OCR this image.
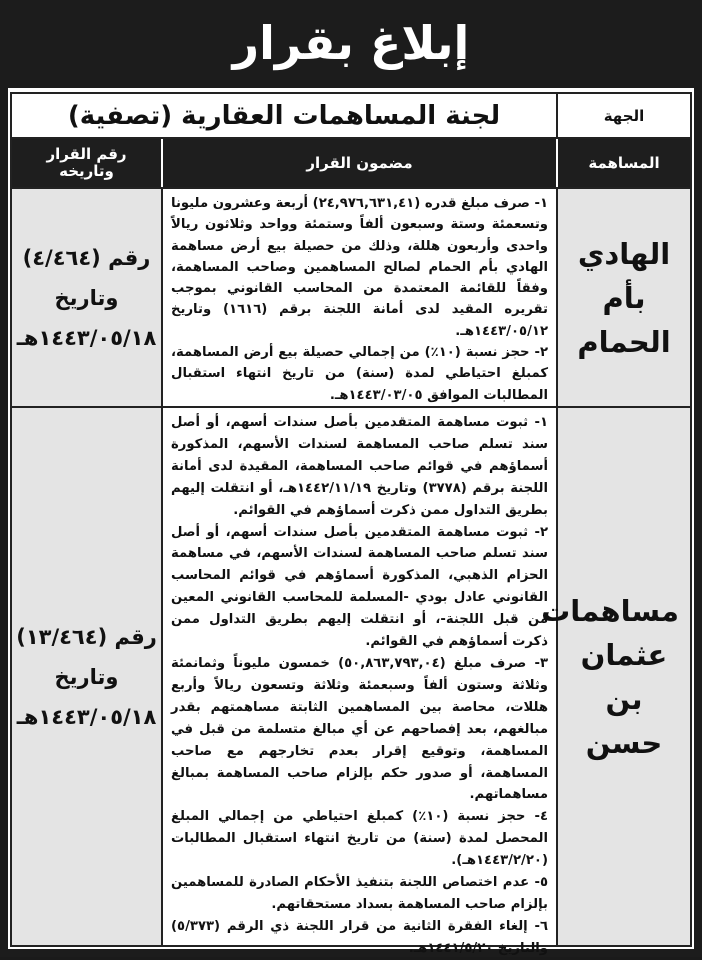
إبلاغ بقرار
الجهة
لجنة المساهمات العقارية (تصفية)
المساهمة
مضمون القرار
رقم القرار وتاريخه
الهادي بأم الحمام

١- صرف مبلغ قدره (٢٤,٩٧٦,٦٣١,٤١) أربعة وعشرون مليونا وتسعمئة وستة وسبعون ألفاً وستمئة وواحد وثلاثون ريالاً واحدى وأربعون هللة، وذلك من حصيلة بيع أرض مساهمة الهادي بأم الحمام لصالح المساهمين وصاحب المساهمة، وفقاً للقائمة المعتمدة من المحاسب القانوني بموجب تقريره المقيد لدى أمانة اللجنة برقم (١٦١٦) وتاريخ ١٤٤٣/٠٥/١٢هـ.

٢- حجز نسبة (١٠٪) من إجمالي حصيلة بيع أرض المساهمة، كمبلغ احتياطي لمدة (سنة) من تاريخ انتهاء استقبال المطالبات الموافق ١٤٤٣/٠٣/٠٥هـ.

رقم (٤/٤٦٤)
وتاريخ
١٤٤٣/٠٥/١٨هـ
مساهمات عثمان بن حسن

١- ثبوت مساهمة المتقدمين بأصل سندات أسهم، أو أصل سند تسلم صاحب المساهمة لسندات الأسهم، المذكورة أسماؤهم في قوائم صاحب المساهمة، المقيدة لدى أمانة اللجنة برقم (٣٧٧٨) وتاريخ ١٤٤٢/١١/١٩هـ، أو انتقلت إليهم بطريق التداول ممن ذكرت أسماؤهم في القوائم.

٢- ثبوت مساهمة المتقدمين بأصل سندات أسهم، أو أصل سند تسلم صاحب المساهمة لسندات الأسهم، في مساهمة الحزام الذهبي، المذكورة أسماؤهم في قوائم المحاسب القانوني عادل بودي -المسلمة للمحاسب القانوني المعين من قبل اللجنة-، أو انتقلت إليهم بطريق التداول ممن ذكرت أسماؤهم في القوائم.

٣- صرف مبلغ (٥٠,٨٦٣,٧٩٣,٠٤) خمسون مليوناً وثمانمئة وثلاثة وستون ألفاً وسبعمئة وثلاثة وتسعون ريالاً وأربع هللات، محاصة بين المساهمين الثابتة مساهمتهم بقدر مبالغهم، بعد إفصاحهم عن أي مبالغ متسلمة من قبل في المساهمة، وتوقيع إقرار بعدم تخارجهم مع صاحب المساهمة، أو صدور حكم بإلزام صاحب المساهمة بمبالغ مساهماتهم.

٤- حجز نسبة (١٠٪) كمبلغ احتياطي من إجمالي المبلغ المحصل لمدة (سنة) من تاريخ انتهاء استقبال المطالبات (١٤٤٣/٢/٢٠هـ).

٥- عدم اختصاص اللجنة بتنفيذ الأحكام الصادرة للمساهمين بإلزام صاحب المساهمة بسداد مستحقاتهم.

٦- إلغاء الفقرة الثانية من قرار اللجنة ذي الرقم (٥/٣٧٣) والتاريخ ١٤٤١/٥/٢٠هـ.

رقم (١٣/٤٦٤)
وتاريخ
١٤٤٣/٠٥/١٨هـ
